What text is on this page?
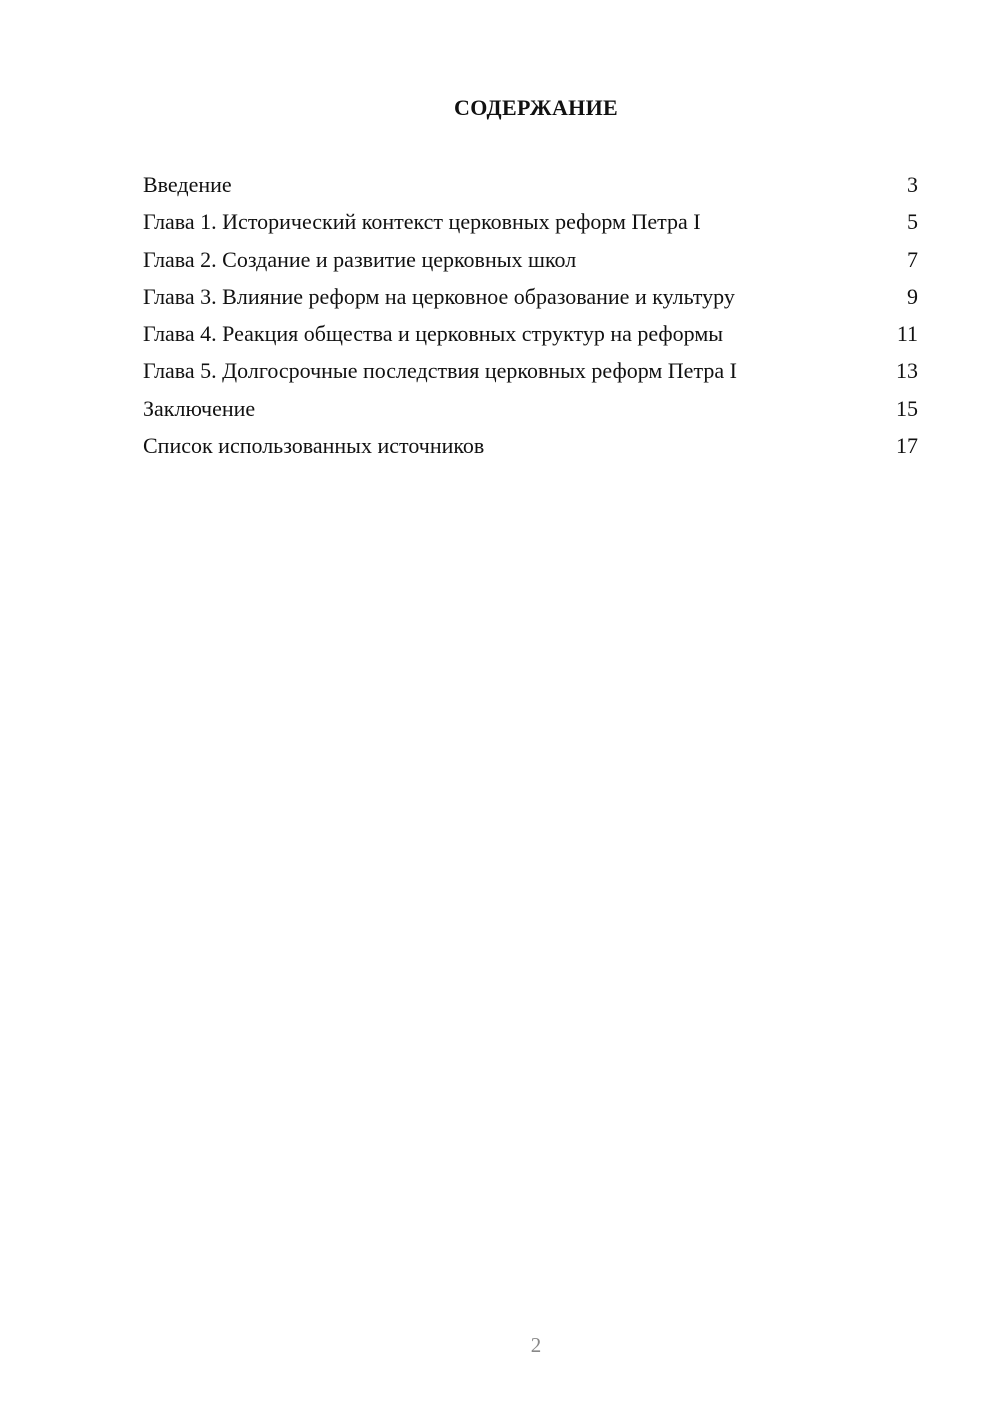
СОДЕРЖАНИЕ
Введение	3
Глава 1. Исторический контекст церковных реформ Петра I	5
Глава 2. Создание и развитие церковных школ	7
Глава 3. Влияние реформ на церковное образование и культуру	9
Глава 4. Реакция общества и церковных структур на реформы	11
Глава 5. Долгосрочные последствия церковных реформ Петра I	13
Заключение	15
Список использованных источников	17
2
